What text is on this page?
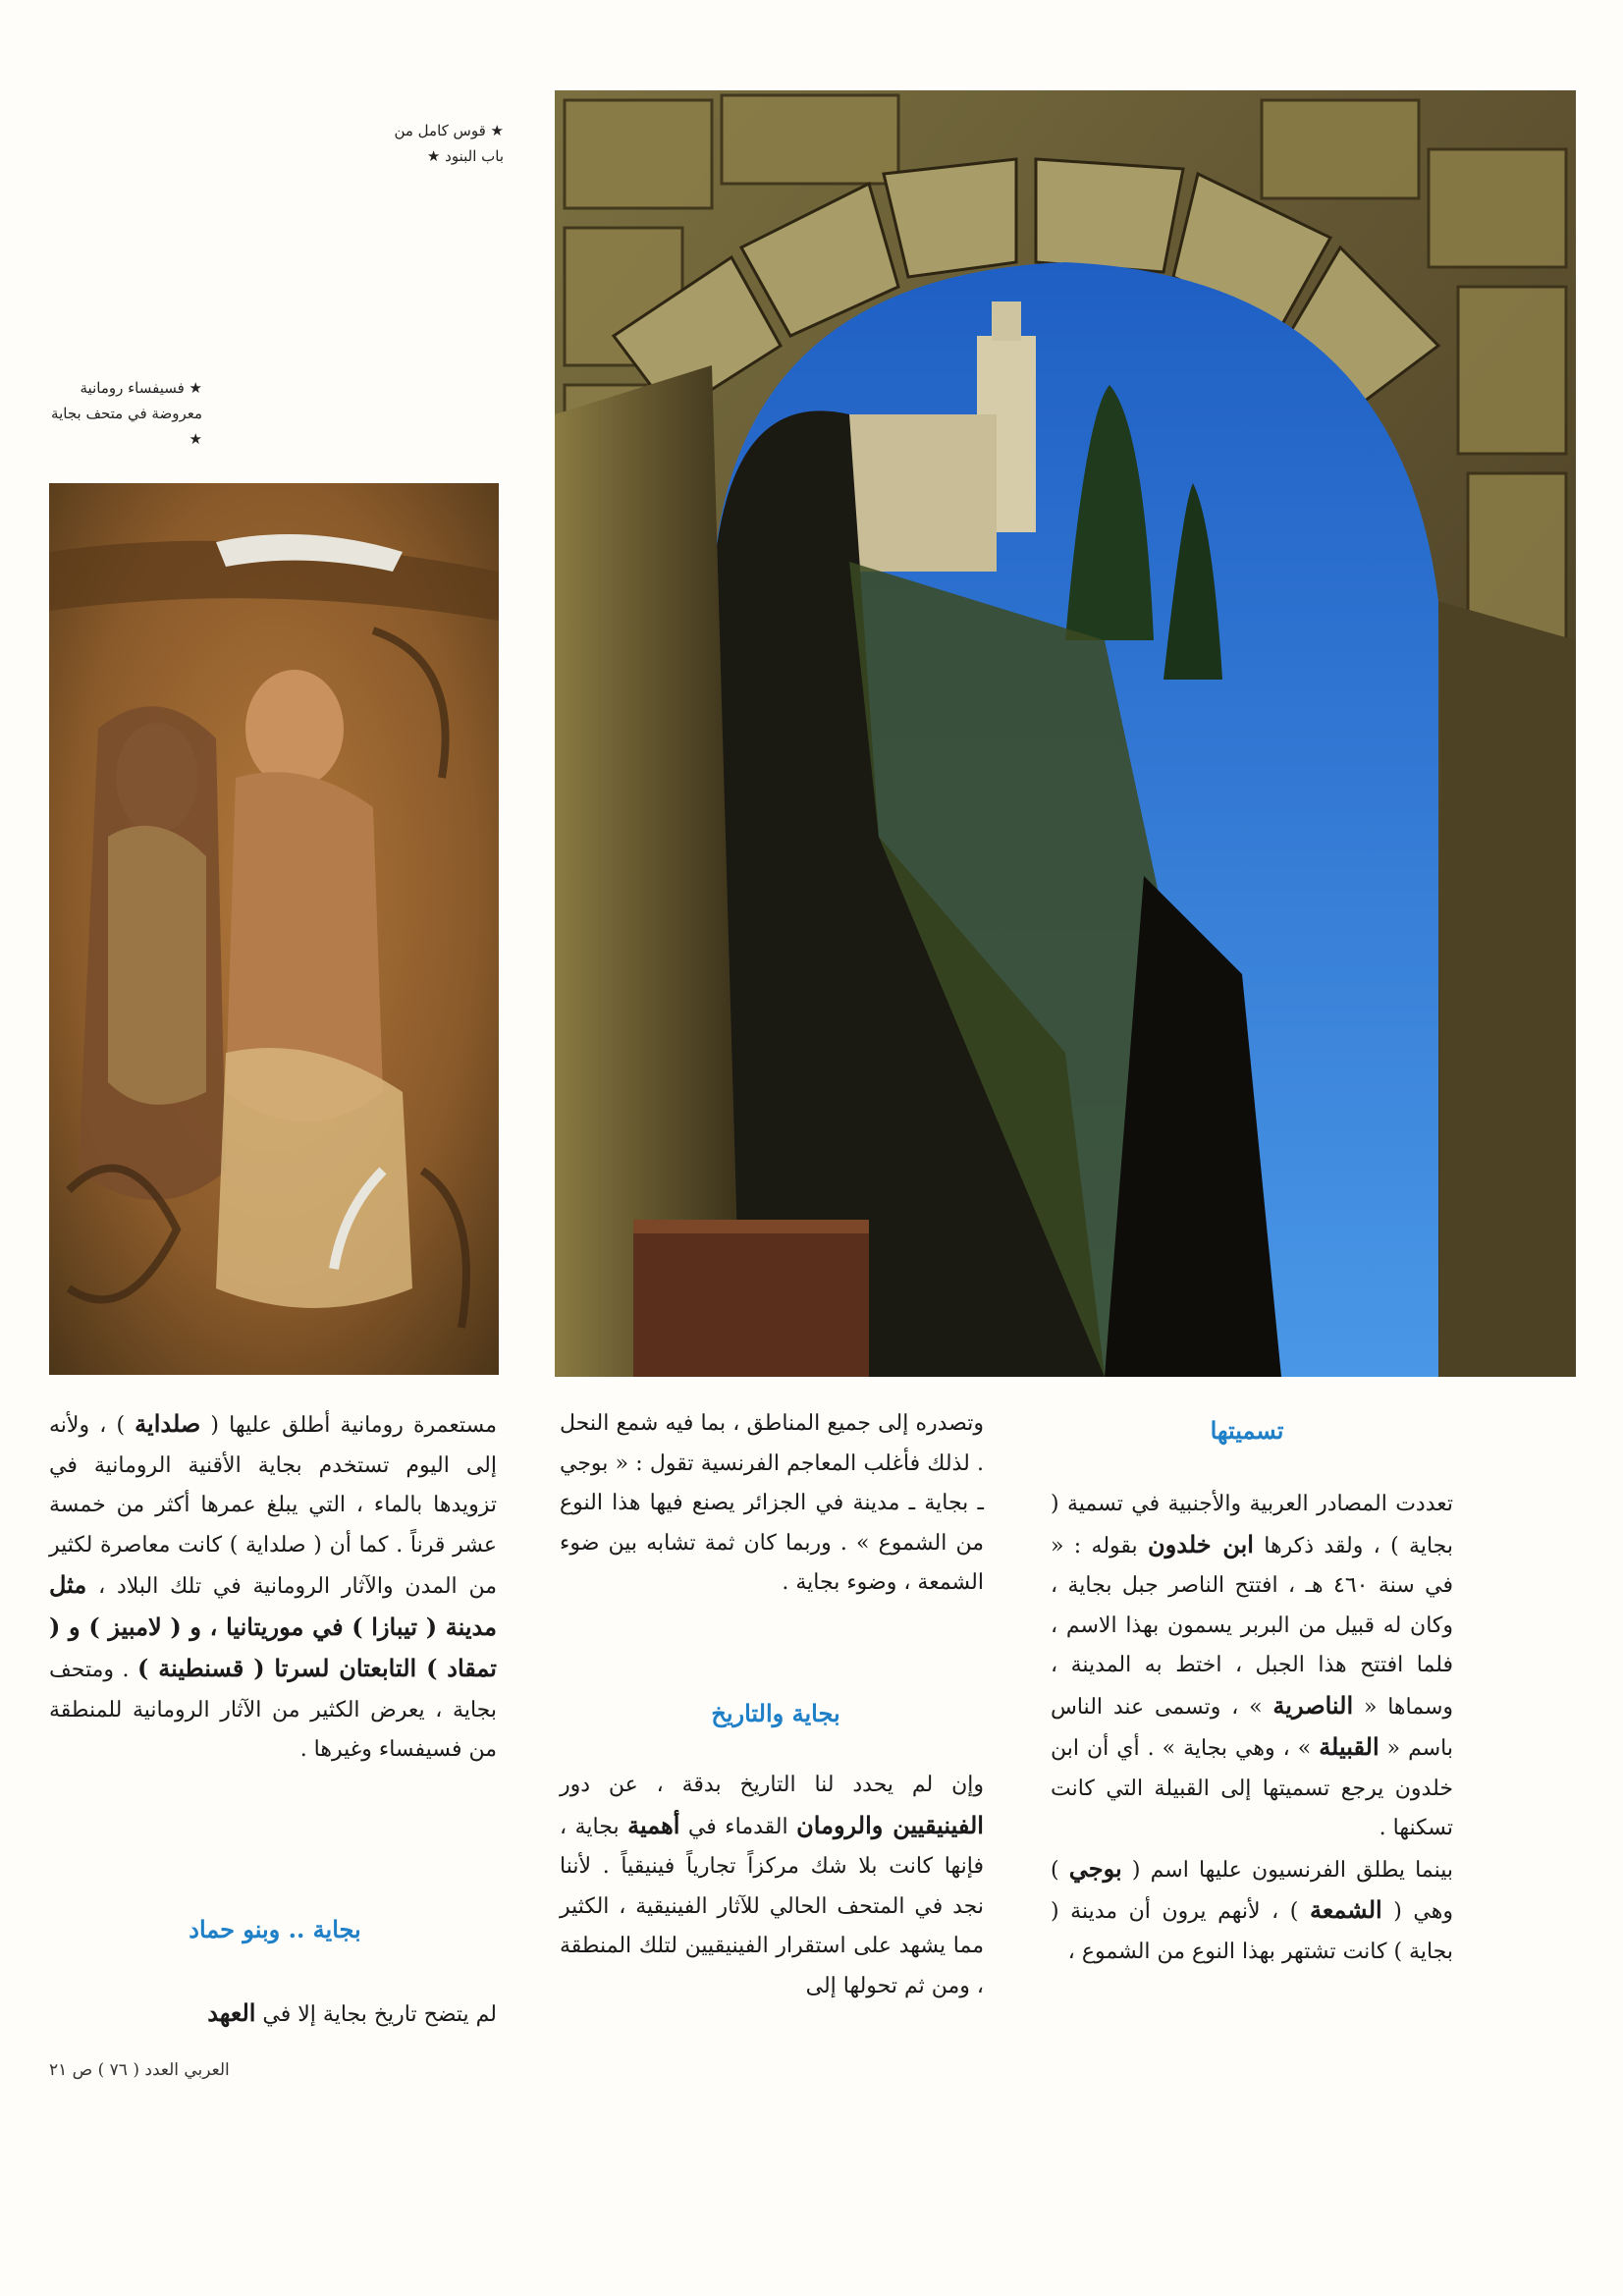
★ قوس كامل من باب البنود ★
★ فسيفساء رومانية معروضة في متحف بجاية ★
تسميتها

تعددت المصادر العربية والأجنبية في تسمية ( بجاية ) ، ولقد ذكرها ابن خلدون بقوله : « في سنة ٤٦٠ هـ ، افتتح الناصر جبل بجاية ، وكان له قبيل من البربر يسمون بهذا الاسم ، فلما افتتح هذا الجبل ، اختط به المدينة ، وسماها « الناصرية » ، وتسمى عند الناس باسم « القبيلة » ، وهي بجاية » . أي أن ابن خلدون يرجع تسميتها إلى القبيلة التي كانت تسكنها .

بينما يطلق الفرنسيون عليها اسم ( بوجي ) وهي ( الشمعة ) ، لأنهم يرون أن مدينة ( بجاية ) كانت تشتهر بهذا النوع من الشموع ،

وتصدره إلى جميع المناطق ، بما فيه شمع النحل . لذلك فأغلب المعاجم الفرنسية تقول : « بوجي ـ بجاية ـ مدينة في الجزائر يصنع فيها هذا النوع من الشموع » . وربما كان ثمة تشابه بين ضوء الشمعة ، وضوء بجاية .

بجاية والتاريخ

وإن لم يحدد لنا التاريخ بدقة ، عن دور الفينيقيين والرومان القدماء في أهمية بجاية ، فإنها كانت بلا شك مركزاً تجارياً فينيقياً . لأننا نجد في المتحف الحالي للآثار الفينيقية ، الكثير مما يشهد على استقرار الفينيقيين لتلك المنطقة ، ومن ثم تحولها إلى

مستعمرة رومانية أطلق عليها ( صلداية ) ، ولأنه إلى اليوم تستخدم بجاية الأقنية الرومانية في تزويدها بالماء ، التي يبلغ عمرها أكثر من خمسة عشر قرناً . كما أن ( صلداية ) كانت معاصرة لكثير من المدن والآثار الرومانية في تلك البلاد ، مثل مدينة ( تيبازا ) في موريتانيا ، و ( لامبيز ) و ( تمقاد ) التابعتان لسرتا ( قسنطينة ) . ومتحف بجاية ، يعرض الكثير من الآثار الرومانية للمنطقة من فسيفساء وغيرها .

بجاية .. وبنو حماد

لم يتضح تاريخ بجاية إلا في العهد

العربي العدد ( ٧٦ ) ص ٢١
